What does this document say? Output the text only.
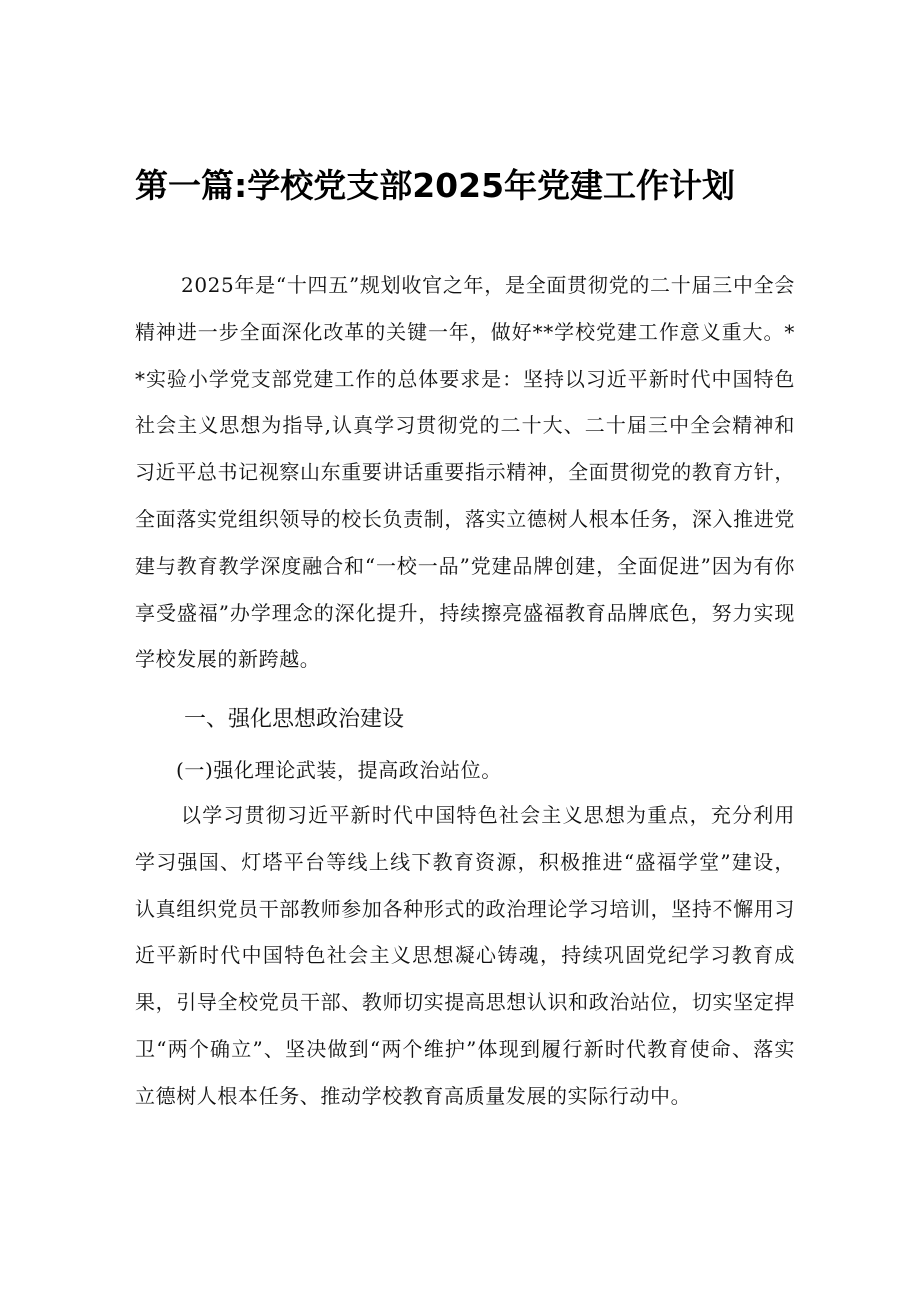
第一篇:学校党支部2025年党建工作计划

2025年是“十四五”规划收官之年，是全面贯彻党的二十届三中全会精神进一步全面深化改革的关键一年，做好**学校党建工作意义重大。**实验小学党支部党建工作的总体要求是：坚持以习近平新时代中国特色社会主义思想为指导,认真学习贯彻党的二十大、二十届三中全会精神和习近平总书记视察山东重要讲话重要指示精神，全面贯彻党的教育方针，全面落实党组织领导的校长负责制，落实立德树人根本任务，深入推进党建与教育教学深度融合和“一校一品”党建品牌创建，全面促进”因为有你享受盛福”办学理念的深化提升，持续擦亮盛福教育品牌底色，努力实现学校发展的新跨越。

一、强化思想政治建设

(一)强化理论武装，提高政治站位。

以学习贯彻习近平新时代中国特色社会主义思想为重点，充分利用学习强国、灯塔平台等线上线下教育资源，积极推进“盛福学堂”建设，认真组织党员干部教师参加各种形式的政治理论学习培训，坚持不懈用习近平新时代中国特色社会主义思想凝心铸魂，持续巩固党纪学习教育成果，引导全校党员干部、教师切实提高思想认识和政治站位，切实坚定捍卫“两个确立”、坚决做到“两个维护”体现到履行新时代教育使命、落实立德树人根本任务、推动学校教育高质量发展的实际行动中。
